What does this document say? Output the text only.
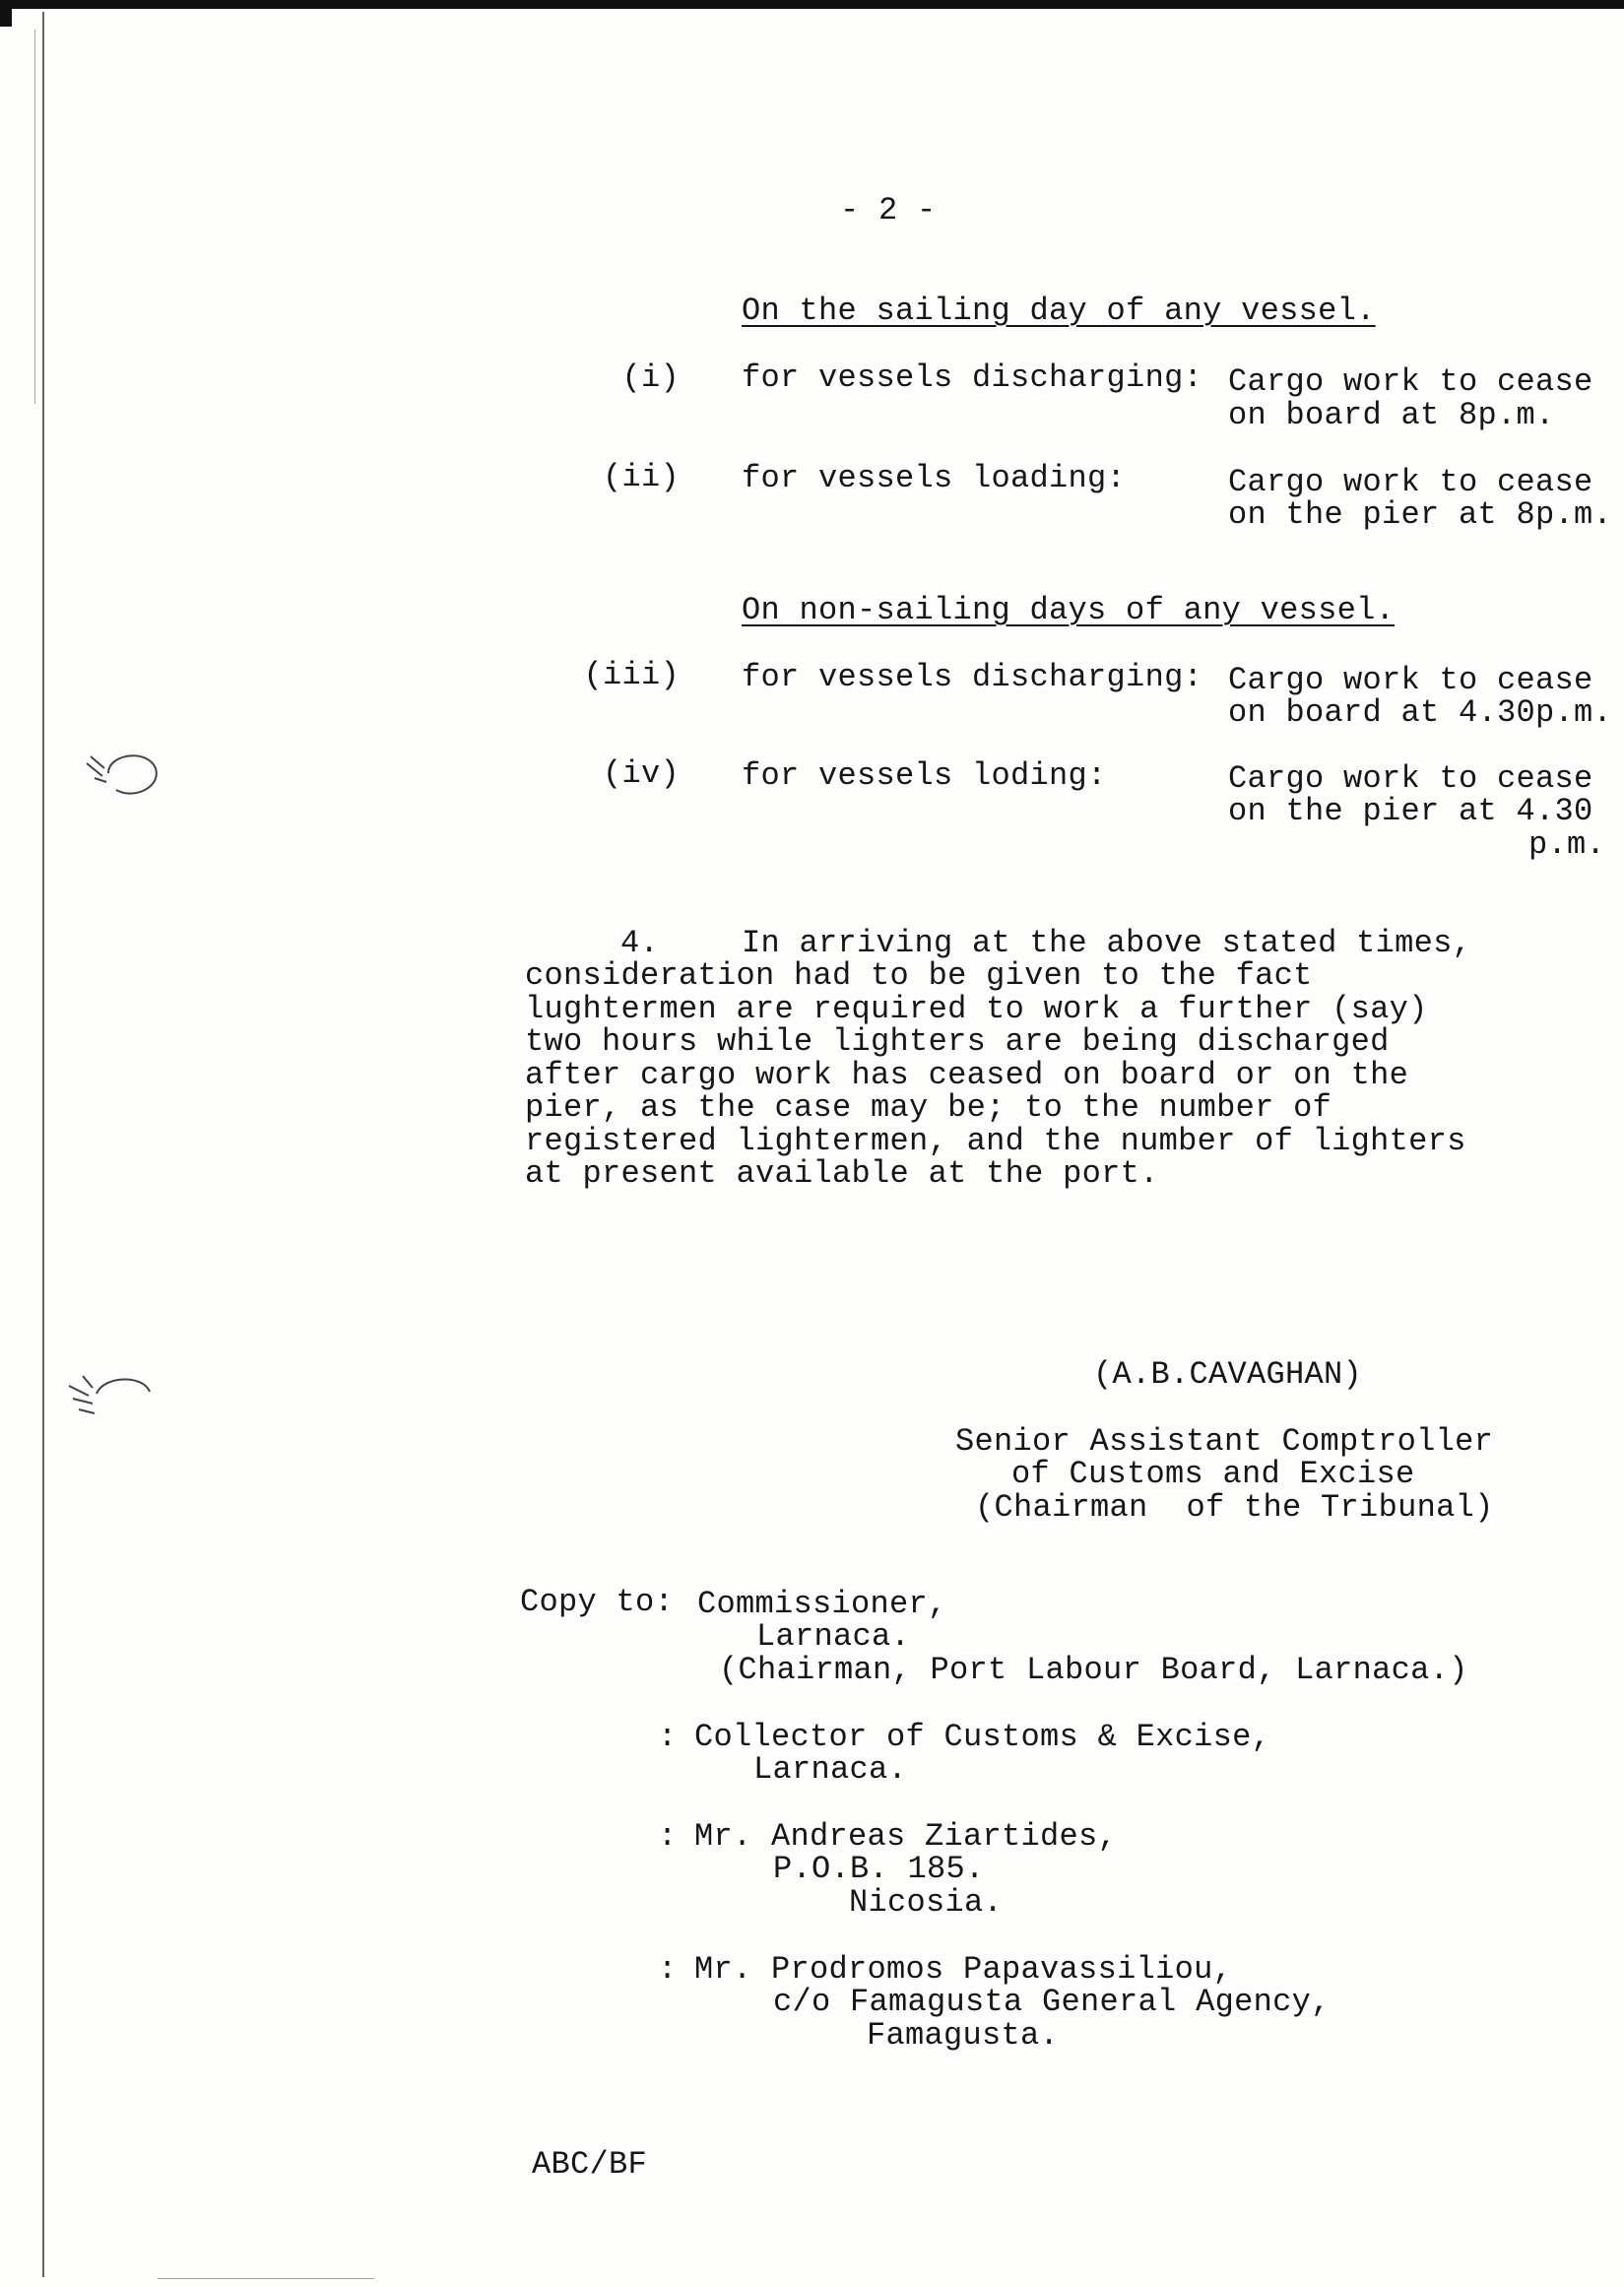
- 2 -
On the sailing day of any vessel.
(i) for vessels discharging: Cargo work to cease
on board at 8p.m.
(ii) for vessels loading:	Cargo work to cease
on the pier at 8p.m.
On non-sailing days of any vessel.
(iii) for vessels discharging: Cargo work to cease
on board at 4.30p.m.
(iv) for vessels loding:	Cargo work to cease
on the pier at 4.30
p.m.
4.	In arriving at the above stated times,
consideration had to be given to the fact
lughtermen are required to work a further (say)
two hours while lighters are being discharged
after cargo work has ceased on board or on the
pier, as the case may be; to the number of
registered lightermen, and the number of lighters
at present available at the port.
(A.B.CAVAGHAN)
Senior Assistant Comptroller
of Customs and Excise
(Chairman  of the Tribunal)
Copy to: Commissioner,
Larnaca.
(Chairman, Port Labour Board, Larnaca.)
: Collector of Customs & Excise,
Larnaca.
: Mr. Andreas Ziartides,
P.O.B. 185.
Nicosia.
: Mr. Prodromos Papavassiliou,
c/o Famagusta General Agency,
Famagusta.
ABC/BF
